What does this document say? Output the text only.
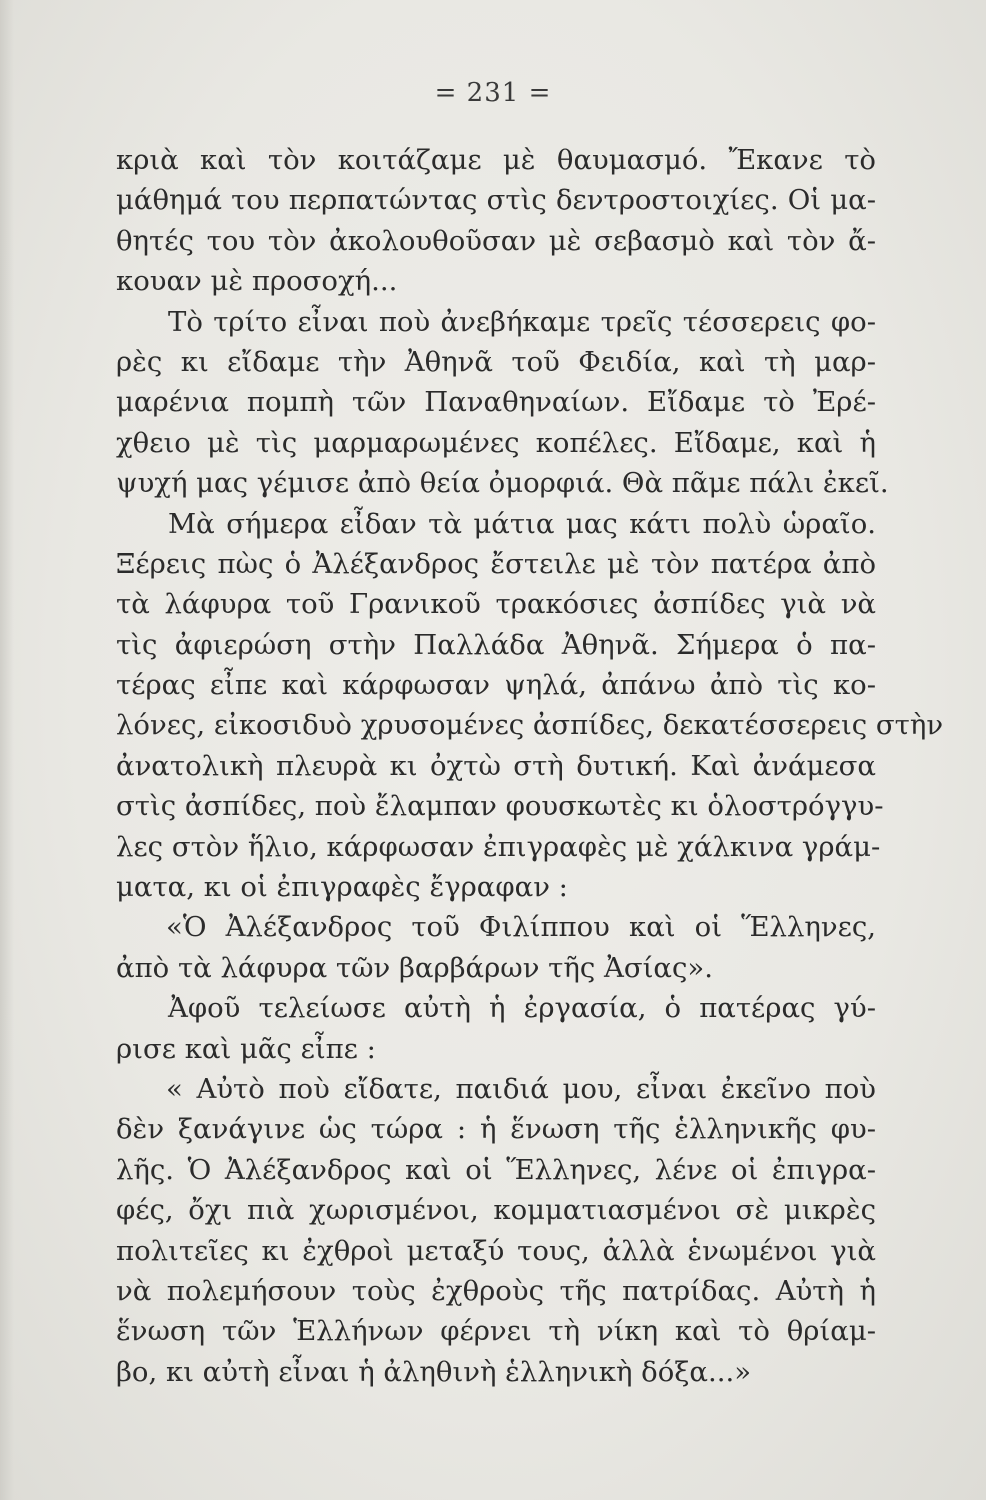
= 231 =
κριὰ καὶ τὸν κοιτάζαμε μὲ θαυμασμό. Ἔκανε τὸ
μάθημά του περπατώντας στὶς δεντροστοιχίες. Οἱ μα-
θητές του τὸν ἀκολουθοῦσαν μὲ σεβασμὸ καὶ τὸν ἄ-
κουαν μὲ προσοχή...
Τὸ τρίτο εἶναι ποὺ ἀνεβήκαμε τρεῖς τέσσερεις φο-
ρὲς κι εἴδαμε τὴν Ἀθηνᾶ τοῦ Φειδία, καὶ τὴ μαρ-
μαρένια πομπὴ τῶν Παναθηναίων. Εἴδαμε τὸ Ἐρέ-
χθειο μὲ τὶς μαρμαρωμένες κοπέλες. Εἴδαμε, καὶ ἡ
ψυχή μας γέμισε ἀπὸ θεία ὀμορφιά. Θὰ πᾶμε πάλι ἐκεῖ.
Μὰ σήμερα εἶδαν τὰ μάτια μας κάτι πολὺ ὡραῖο.
Ξέρεις πὼς ὁ Ἀλέξανδρος ἔστειλε μὲ τὸν πατέρα ἀπὸ
τὰ λάφυρα τοῦ Γρανικοῦ τρακόσιες ἀσπίδες γιὰ νὰ
τὶς ἀφιερώση στὴν Παλλάδα Ἀθηνᾶ. Σήμερα ὁ πα-
τέρας εἶπε καὶ κάρφωσαν ψηλά, ἀπάνω ἀπὸ τὶς κο-
λόνες, εἰκοσιδυὸ χρυσομένες ἀσπίδες, δεκατέσσερεις στὴν
ἀνατολικὴ πλευρὰ κι ὀχτὼ στὴ δυτική. Καὶ ἀνάμεσα
στὶς ἀσπίδες, ποὺ ἔλαμπαν φουσκωτὲς κι ὁλοστρόγγυ-
λες στὸν ἥλιο, κάρφωσαν ἐπιγραφὲς μὲ χάλκινα γράμ-
ματα, κι οἱ ἐπιγραφὲς ἔγραφαν :
«Ὁ Ἀλέξανδρος τοῦ Φιλίππου καὶ οἱ Ἕλληνες,
ἀπὸ τὰ λάφυρα τῶν βαρβάρων τῆς Ἀσίας».
Ἀφοῦ τελείωσε αὐτὴ ἡ ἐργασία, ὁ πατέρας γύ-
ρισε καὶ μᾶς εἶπε :
« Αὐτὸ ποὺ εἴδατε, παιδιά μου, εἶναι ἐκεῖνο ποὺ
δὲν ξανάγινε ὡς τώρα : ἡ ἕνωση τῆς ἑλληνικῆς φυ-
λῆς. Ὁ Ἀλέξανδρος καὶ οἱ Ἕλληνες, λένε οἱ ἐπιγρα-
φές, ὄχι πιὰ χωρισμένοι, κομματιασμένοι σὲ μικρὲς
πολιτεῖες κι ἐχθροὶ μεταξύ τους, ἀλλὰ ἑνωμένοι γιὰ
νὰ πολεμήσουν τοὺς ἐχθροὺς τῆς πατρίδας. Αὐτὴ ἡ
ἕνωση τῶν Ἑλλήνων φέρνει τὴ νίκη καὶ τὸ θρίαμ-
βο, κι αὐτὴ εἶναι ἡ ἀληθινὴ ἑλληνικὴ δόξα...»
